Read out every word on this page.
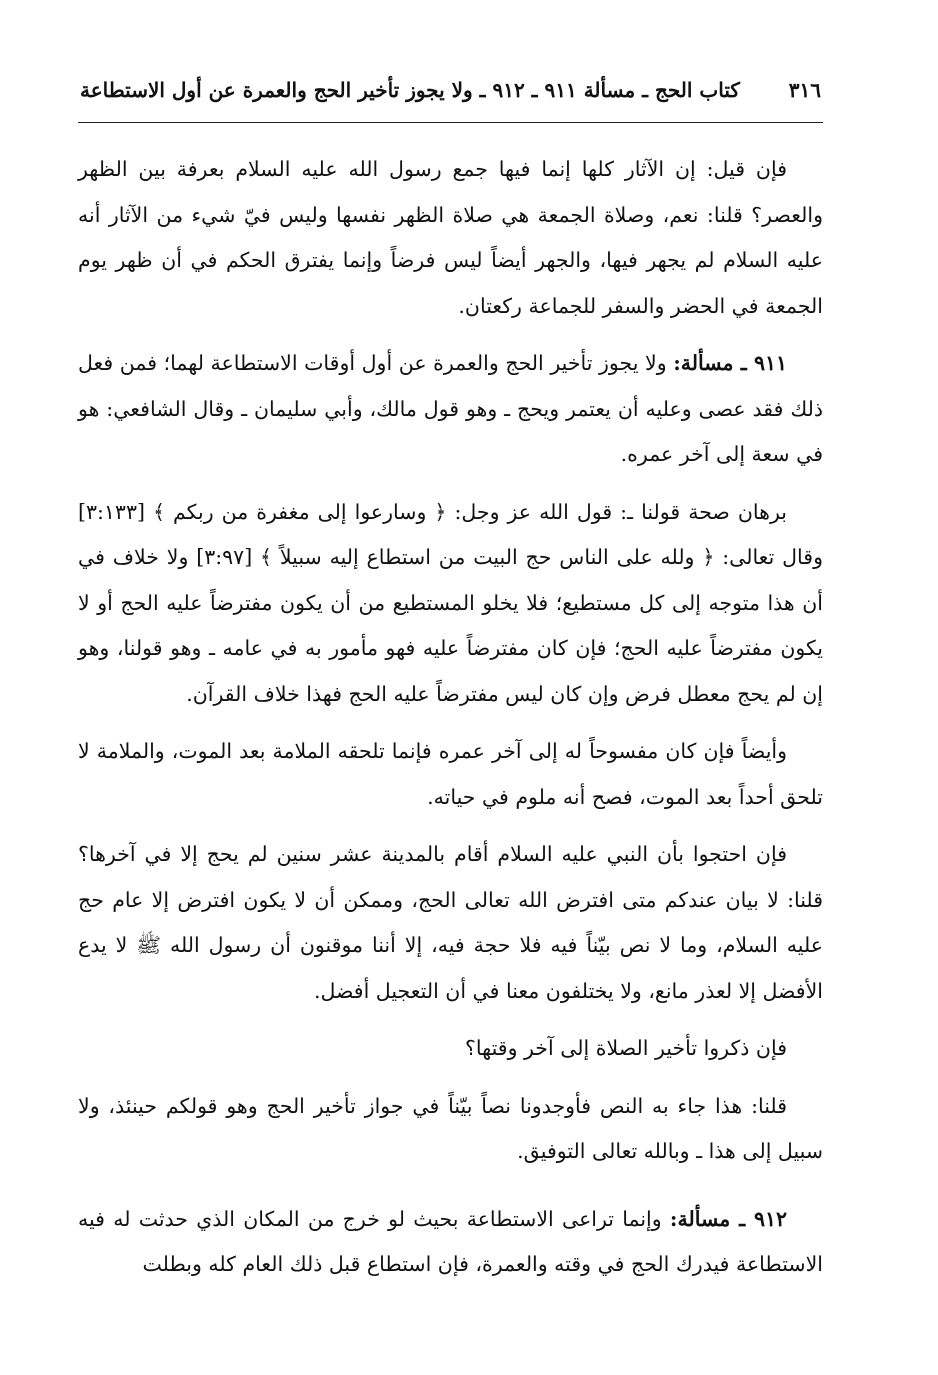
٣١٦
كتاب الحج ـ مسألة ٩١١ ـ ٩١٢ ـ ولا يجوز تأخير الحج والعمرة عن أول الاستطاعة

فإن قيل: إن الآثار كلها إنما فيها جمع رسول الله عليه السلام بعرفة بين الظهر والعصر؟ قلنا: نعم، وصلاة الجمعة هي صلاة الظهر نفسها وليس فيّ شيء من الآثار أنه عليه السلام لم يجهر فيها، والجهر أيضاً ليس فرضاً وإنما يفترق الحكم في أن ظهر يوم الجمعة في الحضر والسفر للجماعة ركعتان.

٩١١ ـ مسألة: ولا يجوز تأخير الحج والعمرة عن أول أوقات الاستطاعة لهما؛ فمن فعل ذلك فقد عصى وعليه أن يعتمر ويحج ـ وهو قول مالك، وأبي سليمان ـ وقال الشافعي: هو في سعة إلى آخر عمره.

برهان صحة قولنا ـ: قول الله عز وجل: ﴿ وسارعوا إلى مغفرة من ربكم ﴾ [٣:١٣٣] وقال تعالى: ﴿ ولله على الناس حج البيت من استطاع إليه سبيلاً ﴾ [٣:٩٧] ولا خلاف في أن هذا متوجه إلى كل مستطيع؛ فلا يخلو المستطيع من أن يكون مفترضاً عليه الحج أو لا يكون مفترضاً عليه الحج؛ فإن كان مفترضاً عليه فهو مأمور به في عامه ـ وهو قولنا، وهو إن لم يحج معطل فرض وإن كان ليس مفترضاً عليه الحج فهذا خلاف القرآن.

وأيضاً فإن كان مفسوحاً له إلى آخر عمره فإنما تلحقه الملامة بعد الموت، والملامة لا تلحق أحداً بعد الموت، فصح أنه ملوم في حياته.

فإن احتجوا بأن النبي عليه السلام أقام بالمدينة عشر سنين لم يحج إلا في آخرها؟ قلنا: لا بيان عندكم متى افترض الله تعالى الحج، وممكن أن لا يكون افترض إلا عام حج عليه السلام، وما لا نص بيّناً فيه فلا حجة فيه، إلا أننا موقنون أن رسول الله ﷺ لا يدع الأفضل إلا لعذر مانع، ولا يختلفون معنا في أن التعجيل أفضل.

فإن ذكروا تأخير الصلاة إلى آخر وقتها؟

قلنا: هذا جاء به النص فأوجدونا نصاً بيّناً في جواز تأخير الحج وهو قولكم حينئذ، ولا سبيل إلى هذا ـ وبالله تعالى التوفيق.

٩١٢ ـ مسألة: وإنما تراعى الاستطاعة بحيث لو خرج من المكان الذي حدثت له فيه الاستطاعة فيدرك الحج في وقته والعمرة، فإن استطاع قبل ذلك العام كله وبطلت
